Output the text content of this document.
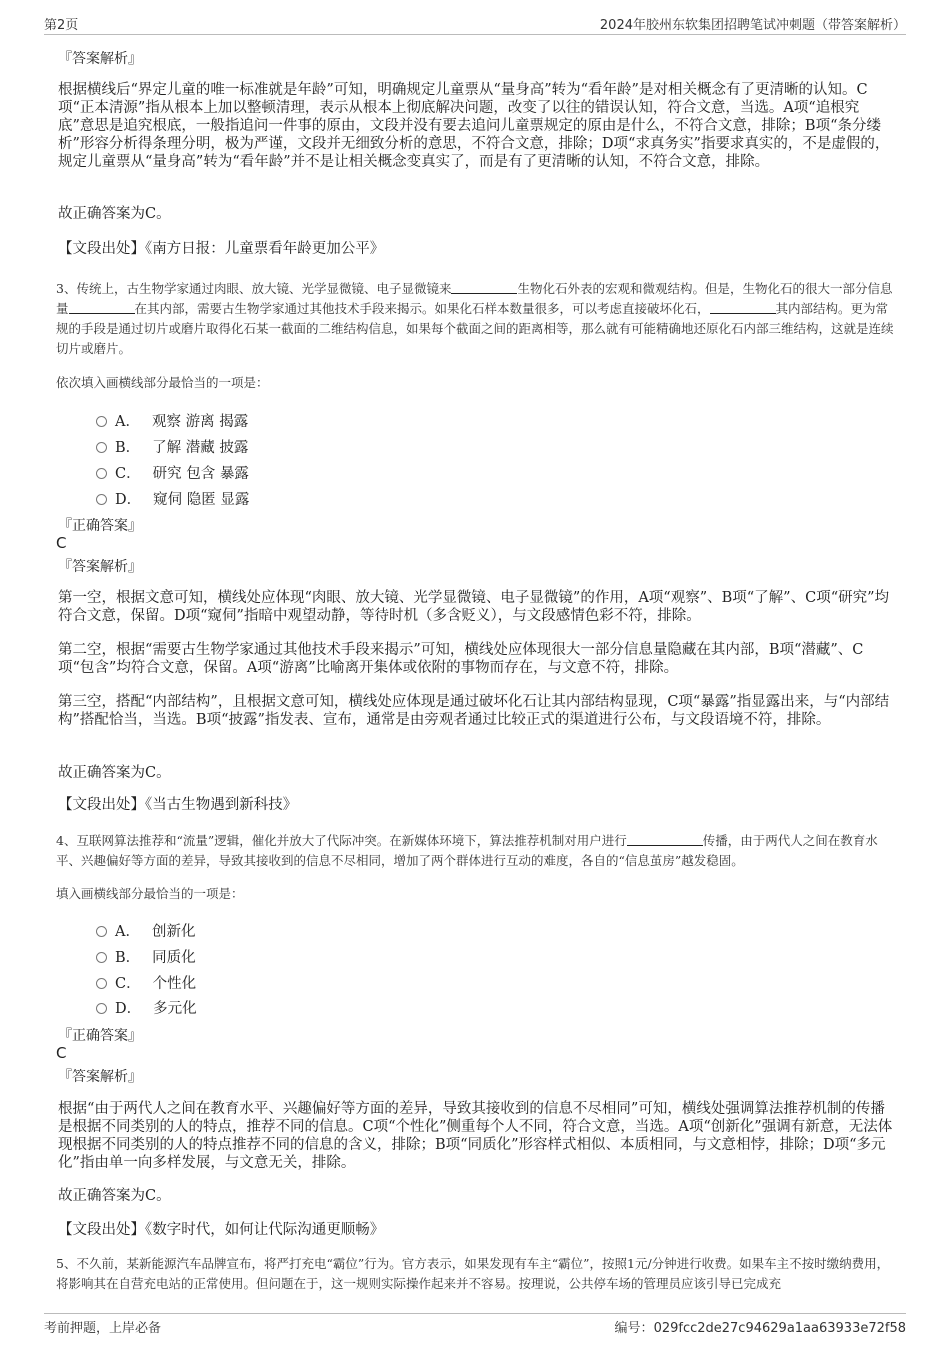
第2页	2024年胶州东软集团招聘笔试冲刺题（带答案解析）
『答案解析』
根据横线后“界定儿童的唯一标准就是年龄”可知，明确规定儿童票从“量身高”转为“看年龄”是对相关概念有了更清晰的认知。C项“正本清源”指从根本上加以整顿清理，表示从根本上彻底解决问题，改变了以往的错误认知，符合文意，当选。A项“追根究底”意思是追究根底，一般指追问一件事的原由，文段并没有要去追问儿童票规定的原由是什么，不符合文意，排除；B项“条分缕析”形容分析得条理分明，极为严谨，文段并无细致分析的意思，不符合文意，排除；D项“求真务实”指要求真实的，不是虚假的，规定儿童票从“量身高”转为“看年龄”并不是让相关概念变真实了，而是有了更清晰的认知，不符合文意，排除。
故正确答案为C。
【文段出处】《南方日报：儿童票看年龄更加公平》
3、传统上，古生物学家通过肉眼、放大镜、光学显微镜、电子显微镜来	生物化石外表的宏观和微观结构。但是，生物化石的很大一部分信息量	在其内部，需要古生物学家通过其他技术手段来揭示。如果化石样本数量很多，可以考虑直接破坏化石，	其内部结构。更为常规的手段是通过切片或磨片取得化石某一截面的二维结构信息，如果每个截面之间的距离相等，那么就有可能精确地还原化石内部三维结构，这就是连续切片或磨片。
依次填入画横线部分最恰当的一项是：
A． 观察 游离 揭露
B． 了解 潜藏 披露
C． 研究 包含 暴露
D． 窥伺 隐匿 显露
『正确答案』
C
『答案解析』
第一空，根据文意可知，横线处应体现“肉眼、放大镜、光学显微镜、电子显微镜”的作用，A项“观察”、B项“了解”、C项“研究”均符合文意，保留。D项“窥伺”指暗中观望动静，等待时机（多含贬义），与文段感情色彩不符，排除。
第二空，根据“需要古生物学家通过其他技术手段来揭示”可知，横线处应体现很大一部分信息量隐藏在其内部，B项“潜藏”、C项“包含”均符合文意，保留。A项“游离”比喻离开集体或依附的事物而存在，与文意不符，排除。
第三空，搭配“内部结构”，且根据文意可知，横线处应体现是通过破坏化石让其内部结构显现，C项“暴露”指显露出来，与“内部结构”搭配恰当，当选。B项“披露”指发表、宣布，通常是由旁观者通过比较正式的渠道进行公布，与文段语境不符，排除。
故正确答案为C。
【文段出处】《当古生物遇到新科技》
4、互联网算法推荐和“流量”逻辑，催化并放大了代际冲突。在新媒体环境下，算法推荐机制对用户进行	传播，由于两代人之间在教育水平、兴趣偏好等方面的差异，导致其接收到的信息不尽相同，增加了两个群体进行互动的难度，各自的“信息茧房”越发稳固。
填入画横线部分最恰当的一项是：
A． 创新化
B． 同质化
C． 个性化
D． 多元化
『正确答案』
C
『答案解析』
根据“由于两代人之间在教育水平、兴趣偏好等方面的差异，导致其接收到的信息不尽相同”可知，横线处强调算法推荐机制的传播是根据不同类别的人的特点，推荐不同的信息。C项“个性化”侧重每个人不同，符合文意，当选。A项“创新化”强调有新意，无法体现根据不同类别的人的特点推荐不同的信息的含义，排除；B项“同质化”形容样式相似、本质相同，与文意相悖，排除；D项“多元化”指由单一向多样发展，与文意无关，排除。
故正确答案为C。
【文段出处】《数字时代，如何让代际沟通更顺畅》
5、不久前，某新能源汽车品牌宣布，将严打充电“霸位”行为。官方表示，如果发现有车主“霸位”，按照1元/分钟进行收费。如果车主不按时缴纳费用，将影响其在自营充电站的正常使用。但问题在于，这一规则实际操作起来并不容易。按理说，公共停车场的管理员应该引导已完成充
考前押题，上岸必备	编号：029fcc2de27c94629a1aa63933e72f58
